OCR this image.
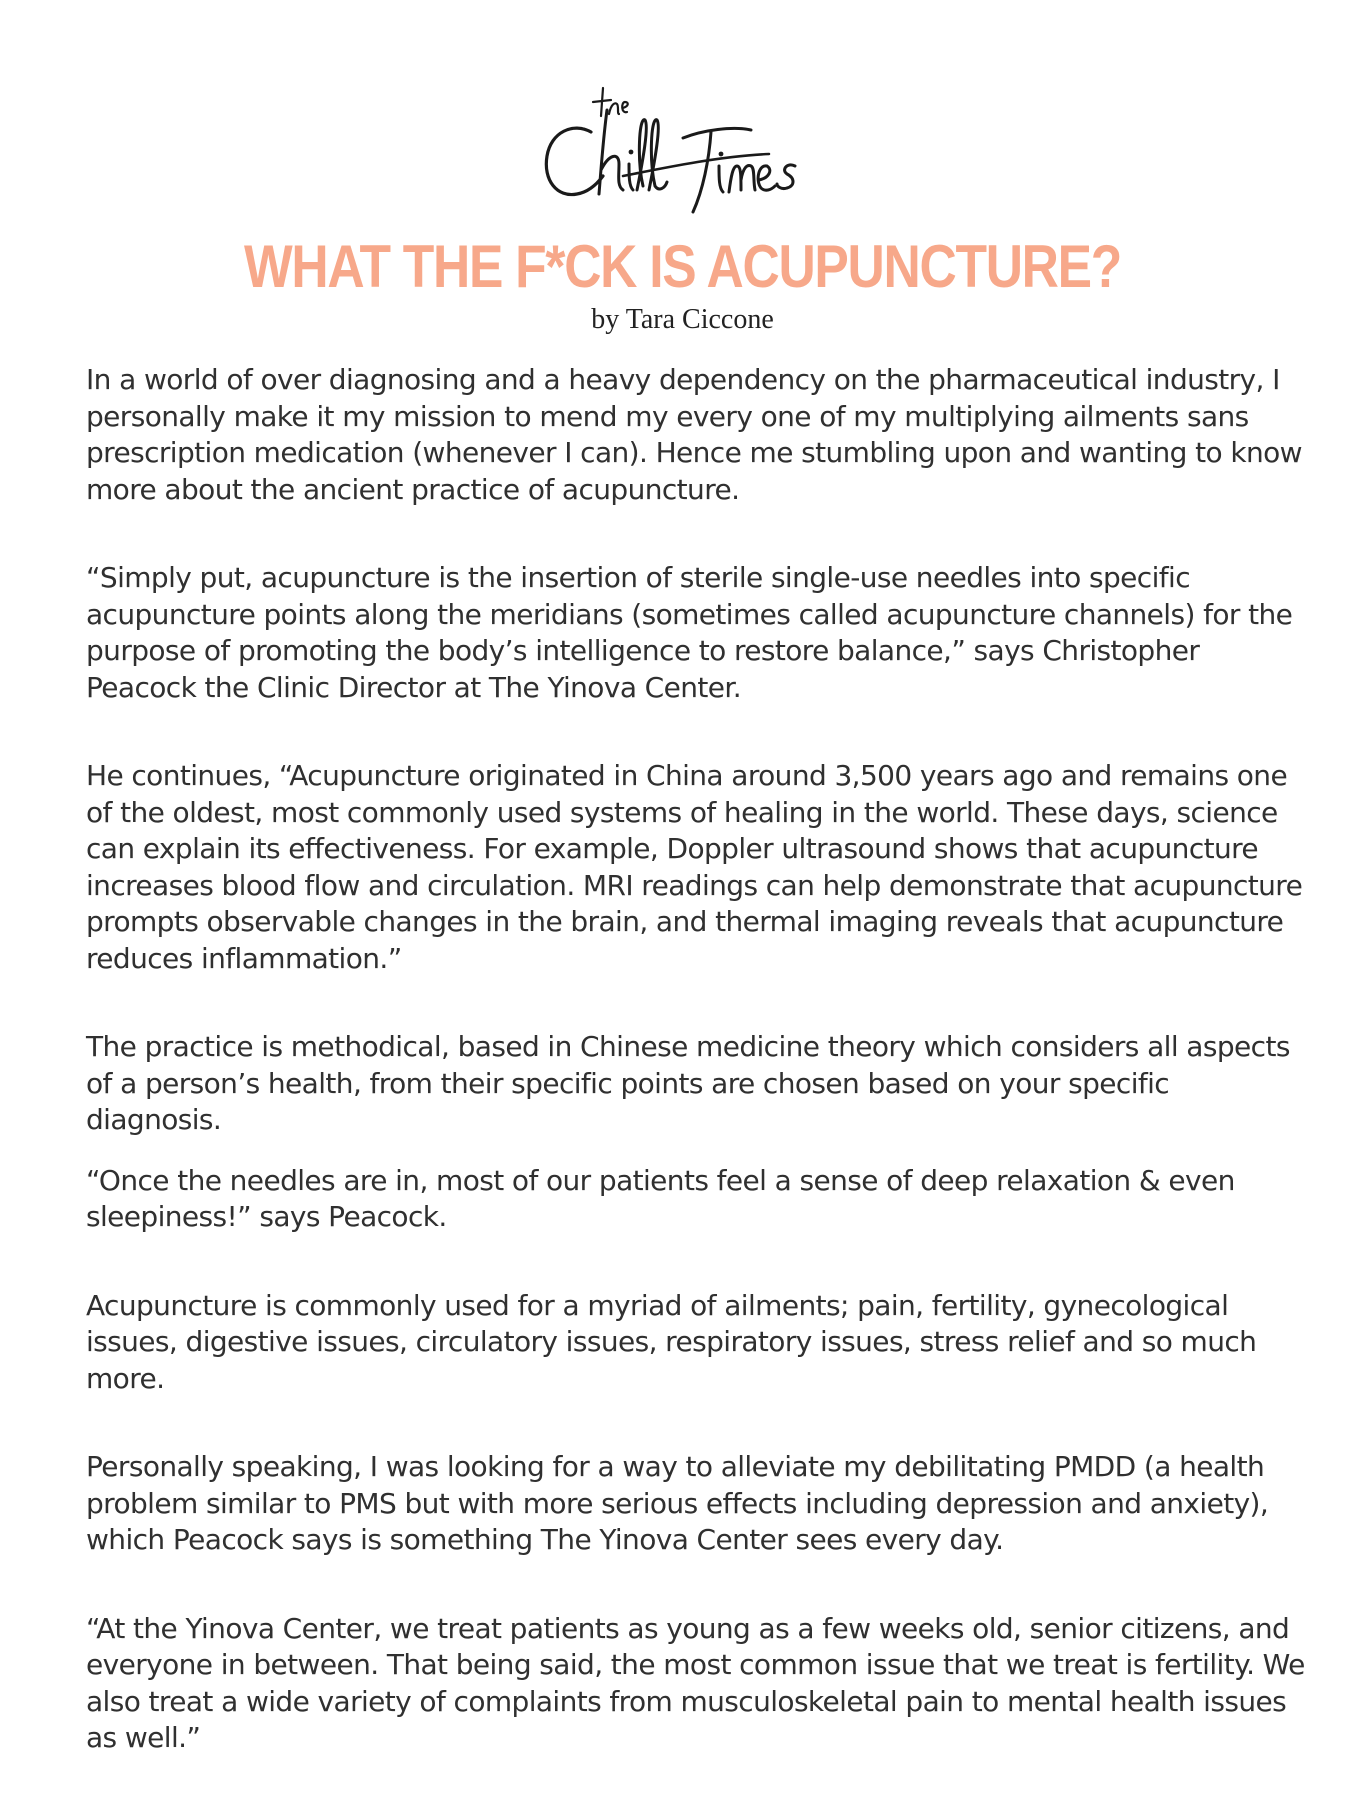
WHAT THE F*CK IS ACUPUNCTURE?

by Tara Ciccone

In a world of over diagnosing and a heavy dependency on the pharmaceutical industry, I personally make it my mission to mend my every one of my multiplying ailments sans prescription medication (whenever I can). Hence me stumbling upon and wanting to know more about the ancient practice of acupuncture.

“Simply put, acupuncture is the insertion of sterile single-use needles into specific acupuncture points along the meridians (sometimes called acupuncture channels) for the purpose of promoting the body’s intelligence to restore balance,” says Christopher Peacock the Clinic Director at The Yinova Center.

He continues, “Acupuncture originated in China around 3,500 years ago and remains one of the oldest, most commonly used systems of healing in the world. These days, science can explain its effectiveness. For example, Doppler ultrasound shows that acupuncture increases blood flow and circulation. MRI readings can help demonstrate that acupuncture prompts observable changes in the brain, and thermal imaging reveals that acupuncture reduces inflammation.”

The practice is methodical, based in Chinese medicine theory which considers all aspects of a person’s health, from their specific points are chosen based on your specific diagnosis.

“Once the needles are in, most of our patients feel a sense of deep relaxation & even sleepiness!” says Peacock.

Acupuncture is commonly used for a myriad of ailments; pain, fertility, gynecological issues, digestive issues, circulatory issues, respiratory issues, stress relief and so much more.

Personally speaking, I was looking for a way to alleviate my debilitating PMDD (a health problem similar to PMS but with more serious effects including depression and anxiety), which Peacock says is something The Yinova Center sees every day.

“At the Yinova Center, we treat patients as young as a few weeks old, senior citizens, and everyone in between. That being said, the most common issue that we treat is fertility. We also treat a wide variety of complaints from musculoskeletal pain to mental health issues as well.”
